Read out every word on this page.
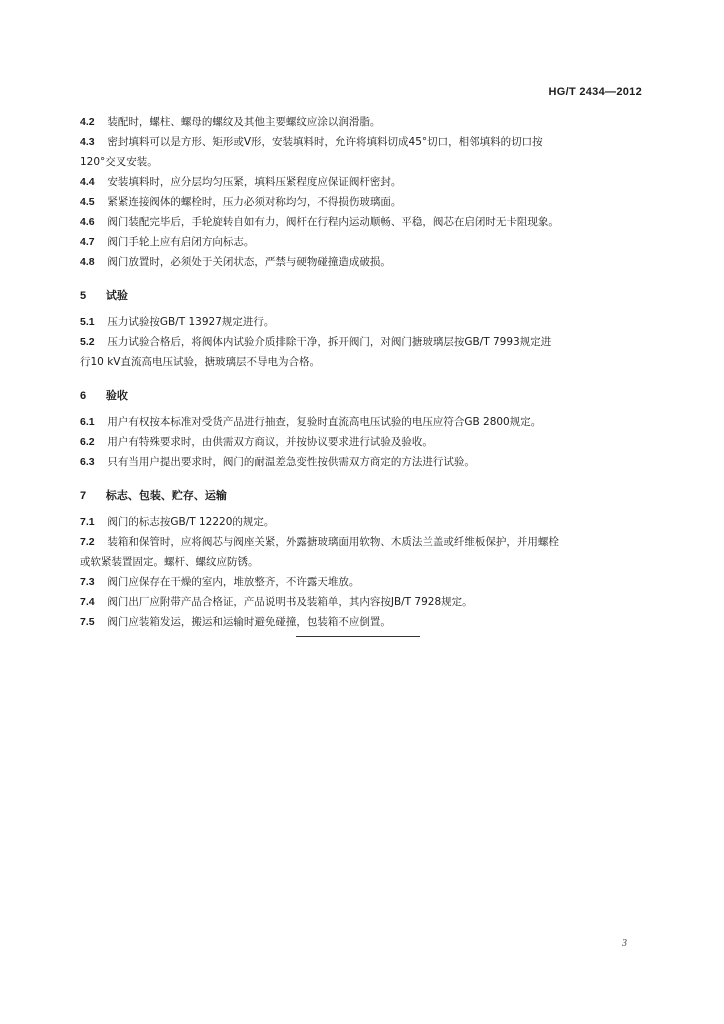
HG/T 2434—2012
4.2 装配时，螺柱、螺母的螺纹及其他主要螺纹应涂以润滑脂。
4.3 密封填料可以是方形、矩形或V形，安装填料时，允许将填料切成45°切口，相邻填料的切口按
120°交叉安装。
4.4 安装填料时，应分层均匀压紧，填料压紧程度应保证阀杆密封。
4.5 紧紧连接阀体的螺栓时，压力必须对称均匀，不得损伤玻璃面。
4.6 阀门装配完毕后，手轮旋转自如有力，阀杆在行程内运动顺畅、平稳，阀芯在启闭时无卡阻现象。
4.7 阀门手轮上应有启闭方向标志。
4.8 阀门放置时，必须处于关闭状态，严禁与硬物碰撞造成破损。
5 试验
5.1 压力试验按GB/T 13927规定进行。
5.2 压力试验合格后，将阀体内试验介质排除干净，拆开阀门，对阀门搪玻璃层按GB/T 7993规定进
行10 kV直流高电压试验，搪玻璃层不导电为合格。
6 验收
6.1 用户有权按本标准对受货产品进行抽查，复验时直流高电压试验的电压应符合GB 2800规定。
6.2 用户有特殊要求时，由供需双方商议，并按协议要求进行试验及验收。
6.3 只有当用户提出要求时，阀门的耐温差急变性按供需双方商定的方法进行试验。
7 标志、包装、贮存、运输
7.1 阀门的标志按GB/T 12220的规定。
7.2 装箱和保管时，应将阀芯与阀座关紧，外露搪玻璃面用软物、木质法兰盖或纤维板保护，并用螺栓
或软紧装置固定。螺杆、螺纹应防锈。
7.3 阀门应保存在干燥的室内，堆放整齐，不许露天堆放。
7.4 阀门出厂应附带产品合格证，产品说明书及装箱单，其内容按JB/T 7928规定。
7.5 阀门应装箱发运，搬运和运输时避免碰撞，包装箱不应倒置。
3
